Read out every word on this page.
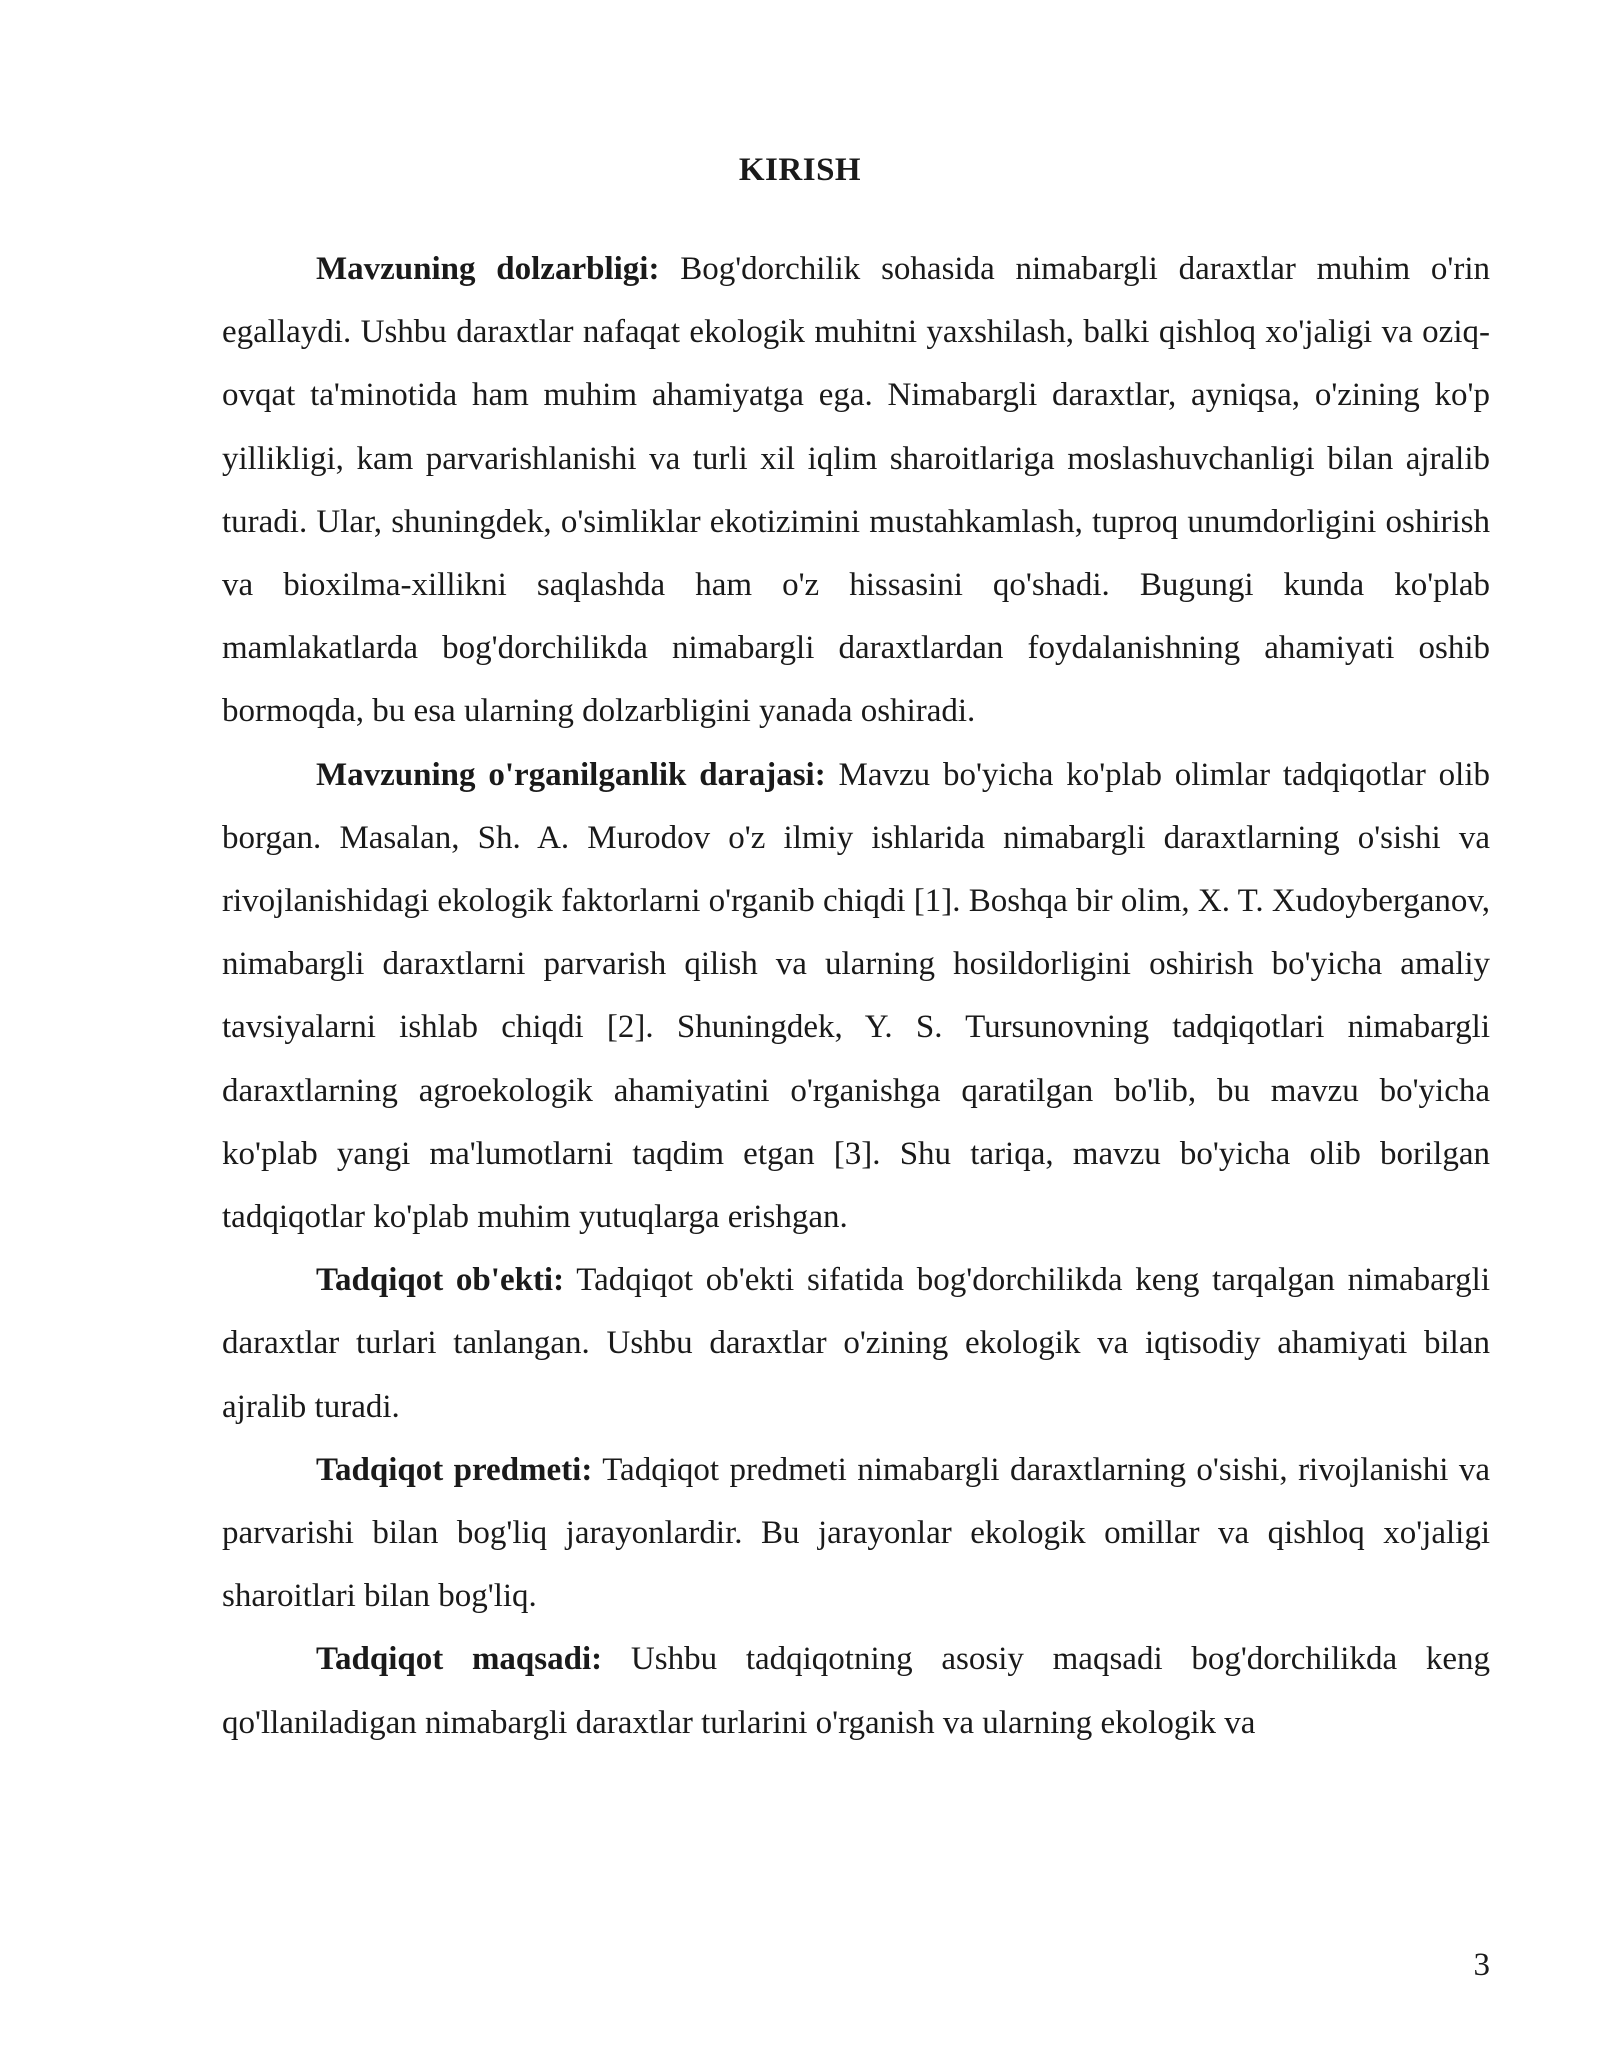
KIRISH

Mavzuning dolzarbligi: Bog'dorchilik sohasida nimabargli daraxtlar muhim o'rin egallaydi. Ushbu daraxtlar nafaqat ekologik muhitni yaxshilash, balki qishloq xo'jaligi va oziq-ovqat ta'minotida ham muhim ahamiyatga ega. Nimabargli daraxtlar, ayniqsa, o'zining ko'p yillikligi, kam parvarishlanishi va turli xil iqlim sharoitlariga moslashuvchanligi bilan ajralib turadi. Ular, shuningdek, o'simliklar ekotizimini mustahkamlash, tuproq unumdorligini oshirish va bioxilma-xillikni saqlashda ham o'z hissasini qo'shadi. Bugungi kunda ko'plab mamlakatlarda bog'dorchilikda nimabargli daraxtlardan foydalanishning ahamiyati oshib bormoqda, bu esa ularning dolzarbligini yanada oshiradi.

Mavzuning o'rganilganlik darajasi: Mavzu bo'yicha ko'plab olimlar tadqiqotlar olib borgan. Masalan, Sh. A. Murodov o'z ilmiy ishlarida nimabargli daraxtlarning o'sishi va rivojlanishidagi ekologik faktorlarni o'rganib chiqdi [1]. Boshqa bir olim, X. T. Xudoyberganov, nimabargli daraxtlarni parvarish qilish va ularning hosildorligini oshirish bo'yicha amaliy tavsiyalarni ishlab chiqdi [2]. Shuningdek, Y. S. Tursunovning tadqiqotlari nimabargli daraxtlarning agroekologik ahamiyatini o'rganishga qaratilgan bo'lib, bu mavzu bo'yicha ko'plab yangi ma'lumotlarni taqdim etgan [3]. Shu tariqa, mavzu bo'yicha olib borilgan tadqiqotlar ko'plab muhim yutuqlarga erishgan.

Tadqiqot ob'ekti: Tadqiqot ob'ekti sifatida bog'dorchilikda keng tarqalgan nimabargli daraxtlar turlari tanlangan. Ushbu daraxtlar o'zining ekologik va iqtisodiy ahamiyati bilan ajralib turadi.

Tadqiqot predmeti: Tadqiqot predmeti nimabargli daraxtlarning o'sishi, rivojlanishi va parvarishi bilan bog'liq jarayonlardir. Bu jarayonlar ekologik omillar va qishloq xo'jaligi sharoitlari bilan bog'liq.

Tadqiqot maqsadi: Ushbu tadqiqotning asosiy maqsadi bog'dorchilikda keng qo'llaniladigan nimabargli daraxtlar turlarini o'rganish va ularning ekologik va

3
